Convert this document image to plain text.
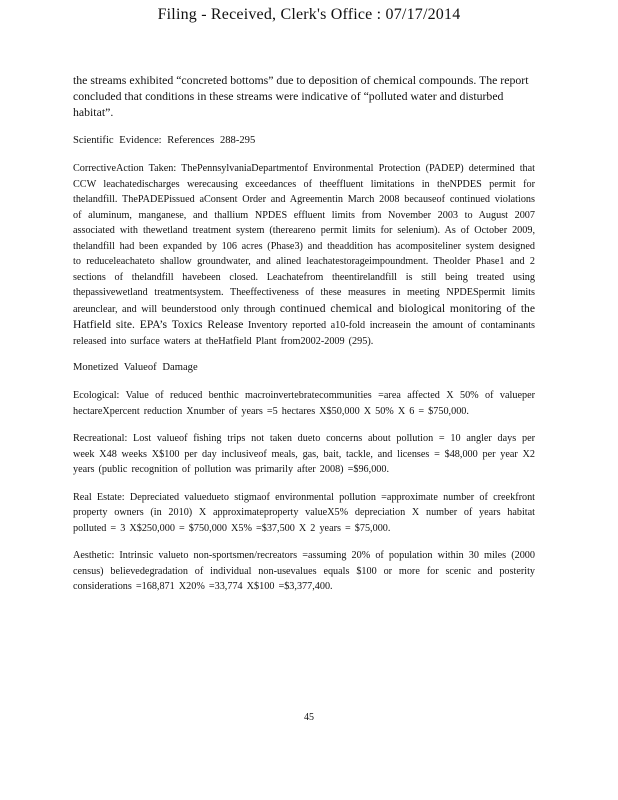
Filing - Received, Clerk's Office : 07/17/2014

the streams exhibited “concreted bottoms” due to deposition of chemical compounds. The report concluded that conditions in these streams were indicative of “polluted water and disturbed habitat”.

Scientific Evidence: References 288-295

CorrectiveAction Taken: ThePennsylvaniaDepartmentof Environmental Protection (PADEP) determined that CCW leachatedischarges werecausing exceedances of theeffluent limitations in theNPDES permit for thelandfill. ThePADEPissued aConsent Order and Agreementin March 2008 becauseof continued violations of aluminum, manganese, and thallium NPDES effluent limits from November 2003 to August 2007 associated with thewetland treatment system (therearen​o permit limits for selenium). As of October 2009, thelandfill had been expanded by 106 acres (Phase3) and theaddition has acompositeliner system designed to reduceleachateto shallow groundwater, and alined leachatestorageimpoundment. Theolder Phase1 and 2 sections of thelandfill havebeen closed. Leachatefrom theentirelandfill is still being treated using thepassivewetland treatmentsystem. Theeffectiveness of these measures in meeting NPDESpermit limits areunclear, and will beunderstood only through continued chemical and biological monitoring of the Hatfield site. EPA’s Toxics Release Inventory reported a10-fold increasein the amount of contaminants released into surface waters at theHatfield Plant from2002-2009 (295).

Monetized Valueof Damage

Ecological: Value of reduced benthic macroinvertebratecommunities =area affected X 50% of valueper hectareXpercent reduction Xnumber of years =5 hectares X$50,000 X 50% X 6 = $750,000.

Recreational: Lost valueof fishing trips not taken dueto concerns about pollution = 10 angler days per week X48 weeks X$100 per day inclusiveof meals, gas, bait, tackle, and licenses = $48,000 per year X2 years (public recognition of pollution was primarily after 2008) =$96,000.

Real Estate: Depreciated valuedueto stigmaof environmental pollution =approximate number of creekfront property owners (in 2010) X approximateproperty valueX5% depreciation X number of years habitat polluted = 3 X$250,000 = $750,000 X5% =$37,500 X 2 years = $75,000.

Aesthetic: Intrinsic valueto non-sportsmen/recreators =assuming 20% of population within 30 miles (2000 census) believedegradation of individual non-usevalues equals $100 or more for scenic and posterity considerations =168,871 X20% =33,774 X$100 =$3,377,400.

45
